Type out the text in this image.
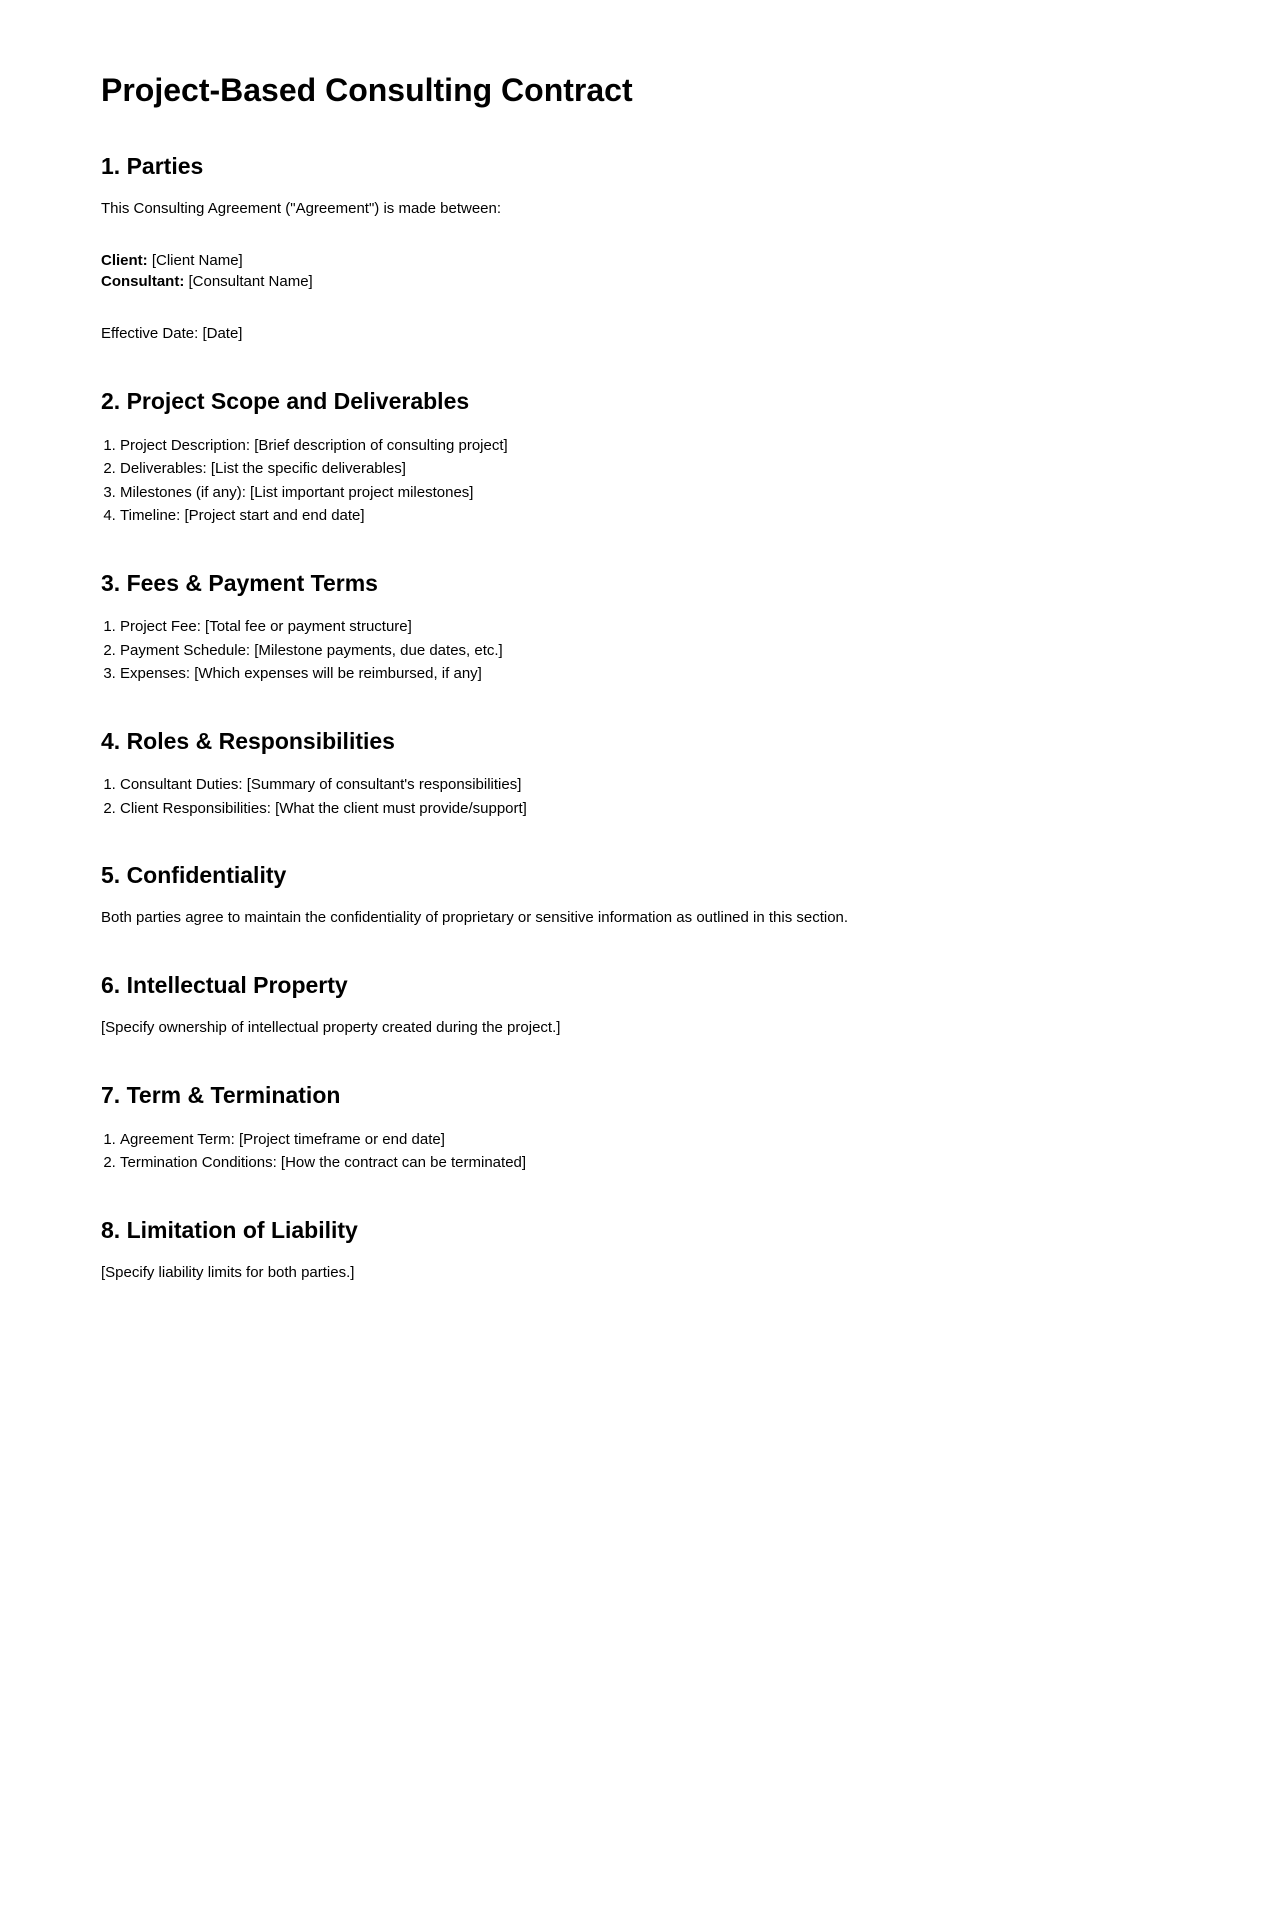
Project-Based Consulting Contract
1. Parties

This Consulting Agreement ("Agreement") is made between:

Client: [Client Name]
Consultant: [Consultant Name]

Effective Date: [Date]

2. Project Scope and Deliverables
1. Project Description: [Brief description of consulting project]
2. Deliverables: [List the specific deliverables]
3. Milestones (if any): [List important project milestones]
4. Timeline: [Project start and end date]
3. Fees & Payment Terms
1. Project Fee: [Total fee or payment structure]
2. Payment Schedule: [Milestone payments, due dates, etc.]
3. Expenses: [Which expenses will be reimbursed, if any]
4. Roles & Responsibilities
1. Consultant Duties: [Summary of consultant's responsibilities]
2. Client Responsibilities: [What the client must provide/support]
5. Confidentiality

Both parties agree to maintain the confidentiality of proprietary or sensitive information as outlined in this section.

6. Intellectual Property

[Specify ownership of intellectual property created during the project.]

7. Term & Termination
1. Agreement Term: [Project timeframe or end date]
2. Termination Conditions: [How the contract can be terminated]
8. Limitation of Liability

[Specify liability limits for both parties.]
